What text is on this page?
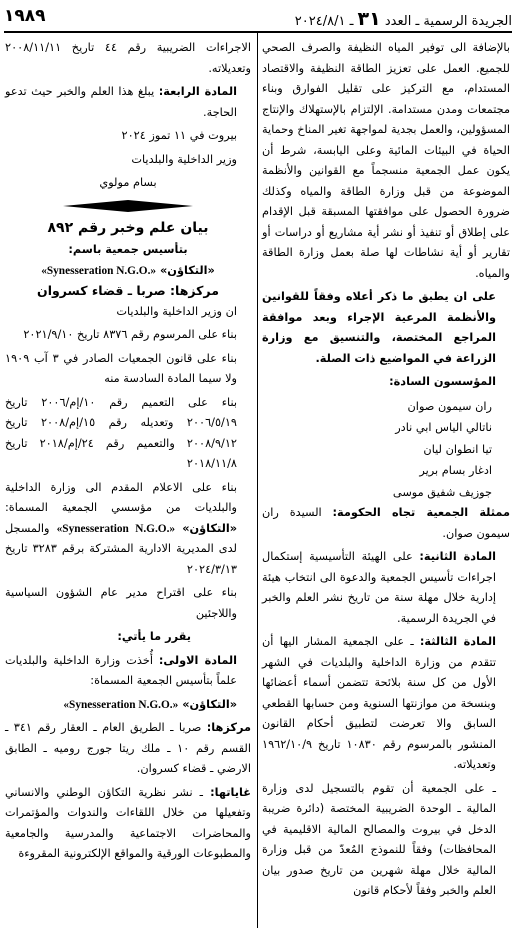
الجريدة الرسمية ـ العدد ٣١ ـ ٢٠٢٤/٨/١
١٩٨٩

بالإضافة الى توفير المياه النظيفة والصرف الصحي للجميع. العمل على تعزيز الطاقة النظيفة والاقتصاد المستدام، مع التركيز على تقليل الفوارق وبناء مجتمعات ومدن مستدامة. الإلتزام بالإستهلاك والإنتاج المسؤولين، والعمل بجدية لمواجهة تغير المناخ وحماية الحياة في البيئات المائية وعلى اليابسة، شرط أن يكون عمل الجمعية منسجماً مع القوانين والأنظمة الموضوعة من قبل وزارة الطاقة والمياه وكذلك ضرورة الحصول على موافقتها المسبقة قبل الإقدام على إطلاق أو تنفيذ أو نشر أية مشاريع أو دراسات أو تقارير أو أية نشاطات لها صلة بعمل وزارة الطاقة والمياه.

على ان يطبق ما ذكر أعلاه وفقاً للقوانين والأنظمة المرعية الإجراء وبعد موافقة المراجع المختصة، والتنسيق مع وزارة الزراعة في المواضيع ذات الصلة.

المؤسسون السادة:

ران سيمون صوان

ناتالي الياس ابي نادر

تيا انطوان ليان

ادغار بسام برير

جوزيف شفيق موسى

ممثلة الجمعية تجاه الحكومة: السيدة ران سيمون صوان.

المادة الثانية: على الهيئة التأسيسية إستكمال اجراءات تأسيس الجمعية والدعوة الى انتخاب هيئة إدارية خلال مهلة سنة من تاريخ نشر العلم والخبر في الجريدة الرسمية.

المادة الثالثة: ـ على الجمعية المشار اليها أن تتقدم من وزارة الداخلية والبلديات في الشهر الأول من كل سنة بلائحة تتضمن أسماء أعضائها وبنسخة من موازنتها السنوية ومن حسابها القطعي السابق والا تعرضت لتطبيق أحكام القانون المنشور بالمرسوم رقم ١٠٨٣٠ تاريخ ١٩٦٢/١٠/٩ وتعديلاته.

ـ على الجمعية أن تقوم بالتسجيل لدى وزارة المالية ـ الوحدة الضريبية المختصة (دائرة ضريبة الدخل في بيروت والمصالح المالية الاقليمية في المحافظات) وفقاً للنموذج المُعدّ من قبل وزارة المالية خلال مهلة شهرين من تاريخ صدور بيان العلم والخبر وفقاً لأحكام قانون

الاجراءات الضريبية رقم ٤٤ تاريخ ٢٠٠٨/١١/١١ وتعديلاته.

المادة الرابعة: يبلغ هذا العلم والخبر حيث تدعو الحاجة.

بيروت في ١١ تموز ٢٠٢٤

وزير الداخلية والبلديات

بسام مولوي

بيان علم وخبر رقم ٨٩٢
بتأسيس جمعية باسم:
«التكاؤن» «Synesseration N.G.O.»
مركزها: صربا ـ قضاء كسروان

ان وزير الداخلية والبلديات

بناء على المرسوم رقم ٨٣٧٦ تاريخ ٢٠٢١/٩/١٠

بناء على قانون الجمعيات الصادر في ٣ آب ١٩٠٩ ولا سيما المادة السادسة منه

بناء على التعميم رقم ١٠/إم/٢٠٠٦ تاريخ ٢٠٠٦/٥/١٩ وتعديله رقم ١٥/إم/٢٠٠٨ تاريخ ٢٠٠٨/٩/١٢ والتعميم رقم ٢٤/إم/٢٠١٨ تاريخ ٢٠١٨/١١/٨

بناء على الاعلام المقدم الى وزارة الداخلية والبلديات من مؤسسي الجمعية المسماة: «التكاؤن» «Synesseration N.G.O.» والمسجل لدى المديرية الادارية المشتركة برقم ٣٢٨٣ تاريخ ٢٠٢٤/٣/١٣

بناء على اقتراح مدير عام الشؤون السياسية واللاجئين

يقرر ما يأتي:

المادة الاولى: أُخذت وزارة الداخلية والبلديات علماً بتأسيس الجمعية المسماة:

«التكاؤن» «Synesseration N.G.O.»

مركزها: صربا ـ الطريق العام ـ العقار رقم ٣٤١ ـ القسم رقم ١٠ ـ ملك ريتا جورج روميه ـ الطابق الارضي ـ قضاء كسروان.

غاياتها: ـ نشر نظرية التكاؤن الوطني والانساني وتفعيلها من خلال اللقاءات والندوات والمؤتمرات والمحاضرات الاجتماعية والمدرسية والجامعية والمطبوعات الورقية والمواقع الإلكترونية المقروءة
